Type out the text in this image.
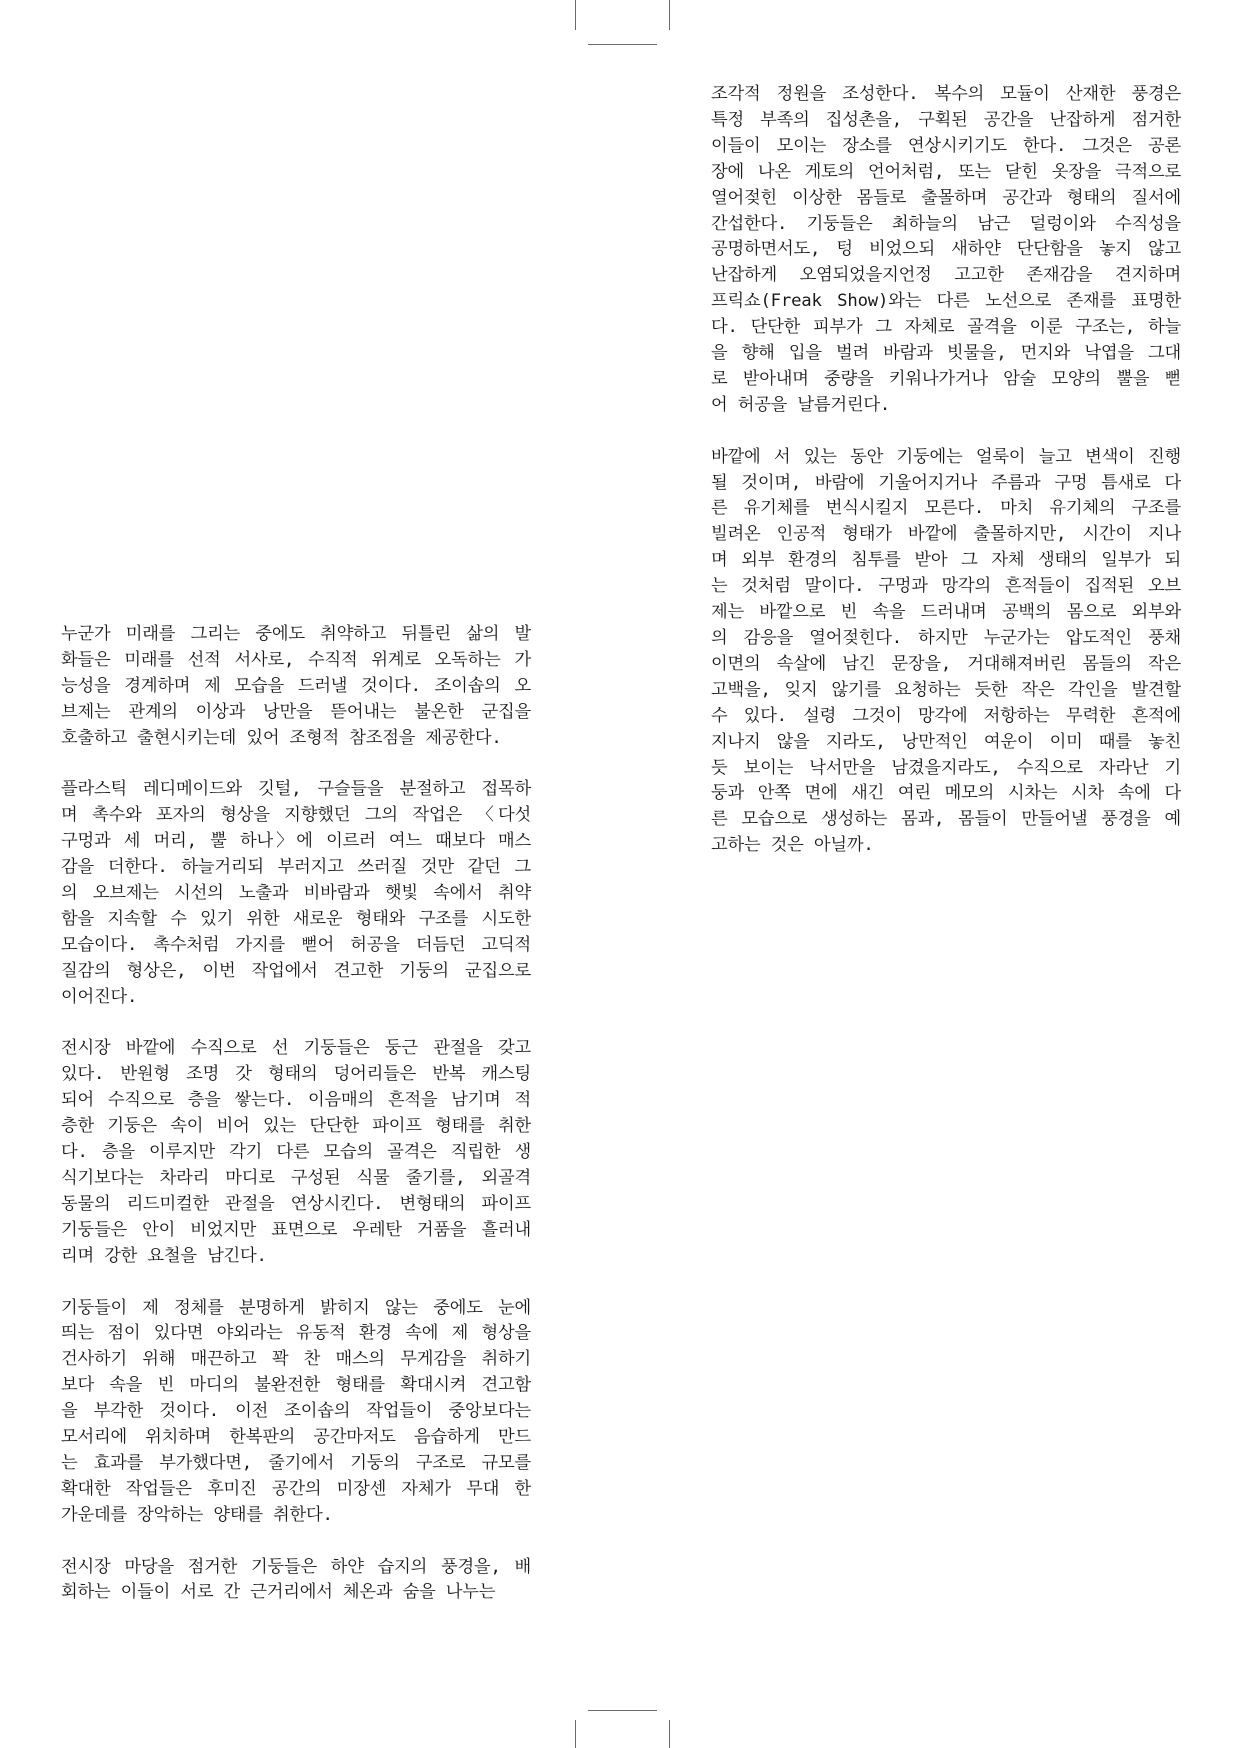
누군가 미래를 그리는 중에도 취약하고 뒤틀린 삶의 발
화들은 미래를 선적 서사로, 수직적 위계로 오독하는 가
능성을 경계하며 제 모습을 드러낼 것이다. 조이솝의 오
브제는 관계의 이상과 낭만을 뜯어내는 불온한 군집을
호출하고 출현시키는데 있어 조형적 참조점을 제공한다.
플라스틱 레디메이드와 깃털, 구슬들을 분절하고 접목하
며 촉수와 포자의 형상을 지향했던 그의 작업은 〈다섯
구멍과 세 머리, 뿔 하나〉에 이르러 여느 때보다 매스
감을 더한다. 하늘거리되 부러지고 쓰러질 것만 같던 그
의 오브제는 시선의 노출과 비바람과 햇빛 속에서 취약
함을 지속할 수 있기 위한 새로운 형태와 구조를 시도한
모습이다. 촉수처럼 가지를 뻗어 허공을 더듬던 고딕적
질감의 형상은, 이번 작업에서 견고한 기둥의 군집으로
이어진다.
전시장 바깥에 수직으로 선 기둥들은 둥근 관절을 갖고
있다. 반원형 조명 갓 형태의 덩어리들은 반복 캐스팅
되어 수직으로 층을 쌓는다. 이음매의 흔적을 남기며 적
층한 기둥은 속이 비어 있는 단단한 파이프 형태를 취한
다. 층을 이루지만 각기 다른 모습의 골격은 직립한 생
식기보다는 차라리 마디로 구성된 식물 줄기를, 외골격
동물의 리드미컬한 관절을 연상시킨다. 변형태의 파이프
기둥들은 안이 비었지만 표면으로 우레탄 거품을 흘러내
리며 강한 요철을 남긴다.
기둥들이 제 정체를 분명하게 밝히지 않는 중에도 눈에
띄는 점이 있다면 야외라는 유동적 환경 속에 제 형상을
건사하기 위해 매끈하고 꽉 찬 매스의 무게감을 취하기
보다 속을 빈 마디의 불완전한 형태를 확대시켜 견고함
을 부각한 것이다. 이전 조이솝의 작업들이 중앙보다는
모서리에 위치하며 한복판의 공간마저도 음습하게 만드
는 효과를 부가했다면, 줄기에서 기둥의 구조로 규모를
확대한 작업들은 후미진 공간의 미장센 자체가 무대 한
가운데를 장악하는 양태를 취한다.
전시장 마당을 점거한 기둥들은 하얀 습지의 풍경을, 배
회하는 이들이 서로 간 근거리에서 체온과 숨을 나누는
조각적 정원을 조성한다. 복수의 모듈이 산재한 풍경은
특정 부족의 집성촌을, 구획된 공간을 난잡하게 점거한
이들이 모이는 장소를 연상시키기도 한다. 그것은 공론
장에 나온 게토의 언어처럼, 또는 닫힌 옷장을 극적으로
열어젖힌 이상한 몸들로 출몰하며 공간과 형태의 질서에
간섭한다. 기둥들은 최하늘의 남근 덜렁이와 수직성을
공명하면서도, 텅 비었으되 새하얀 단단함을 놓지 않고
난잡하게 오염되었을지언정 고고한 존재감을 견지하며
프릭쇼(Freak Show)와는 다른 노선으로 존재를 표명한
다. 단단한 피부가 그 자체로 골격을 이룬 구조는, 하늘
을 향해 입을 벌려 바람과 빗물을, 먼지와 낙엽을 그대
로 받아내며 중량을 키워나가거나 암술 모양의 뿔을 뻗
어 허공을 날름거린다.
바깥에 서 있는 동안 기둥에는 얼룩이 늘고 변색이 진행
될 것이며, 바람에 기울어지거나 주름과 구멍 틈새로 다
른 유기체를 번식시킬지 모른다. 마치 유기체의 구조를
빌려온 인공적 형태가 바깥에 출몰하지만, 시간이 지나
며 외부 환경의 침투를 받아 그 자체 생태의 일부가 되
는 것처럼 말이다. 구멍과 망각의 흔적들이 집적된 오브
제는 바깥으로 빈 속을 드러내며 공백의 몸으로 외부와
의 감응을 열어젖힌다. 하지만 누군가는 압도적인 풍채
이면의 속살에 남긴 문장을, 거대해져버린 몸들의 작은
고백을, 잊지 않기를 요청하는 듯한 작은 각인을 발견할
수 있다. 설령 그것이 망각에 저항하는 무력한 흔적에
지나지 않을 지라도, 낭만적인 여운이 이미 때를 놓친
듯 보이는 낙서만을 남겼을지라도, 수직으로 자라난 기
둥과 안쪽 면에 새긴 여린 메모의 시차는 시차 속에 다
른 모습으로 생성하는 몸과, 몸들이 만들어낼 풍경을 예
고하는 것은 아닐까.
